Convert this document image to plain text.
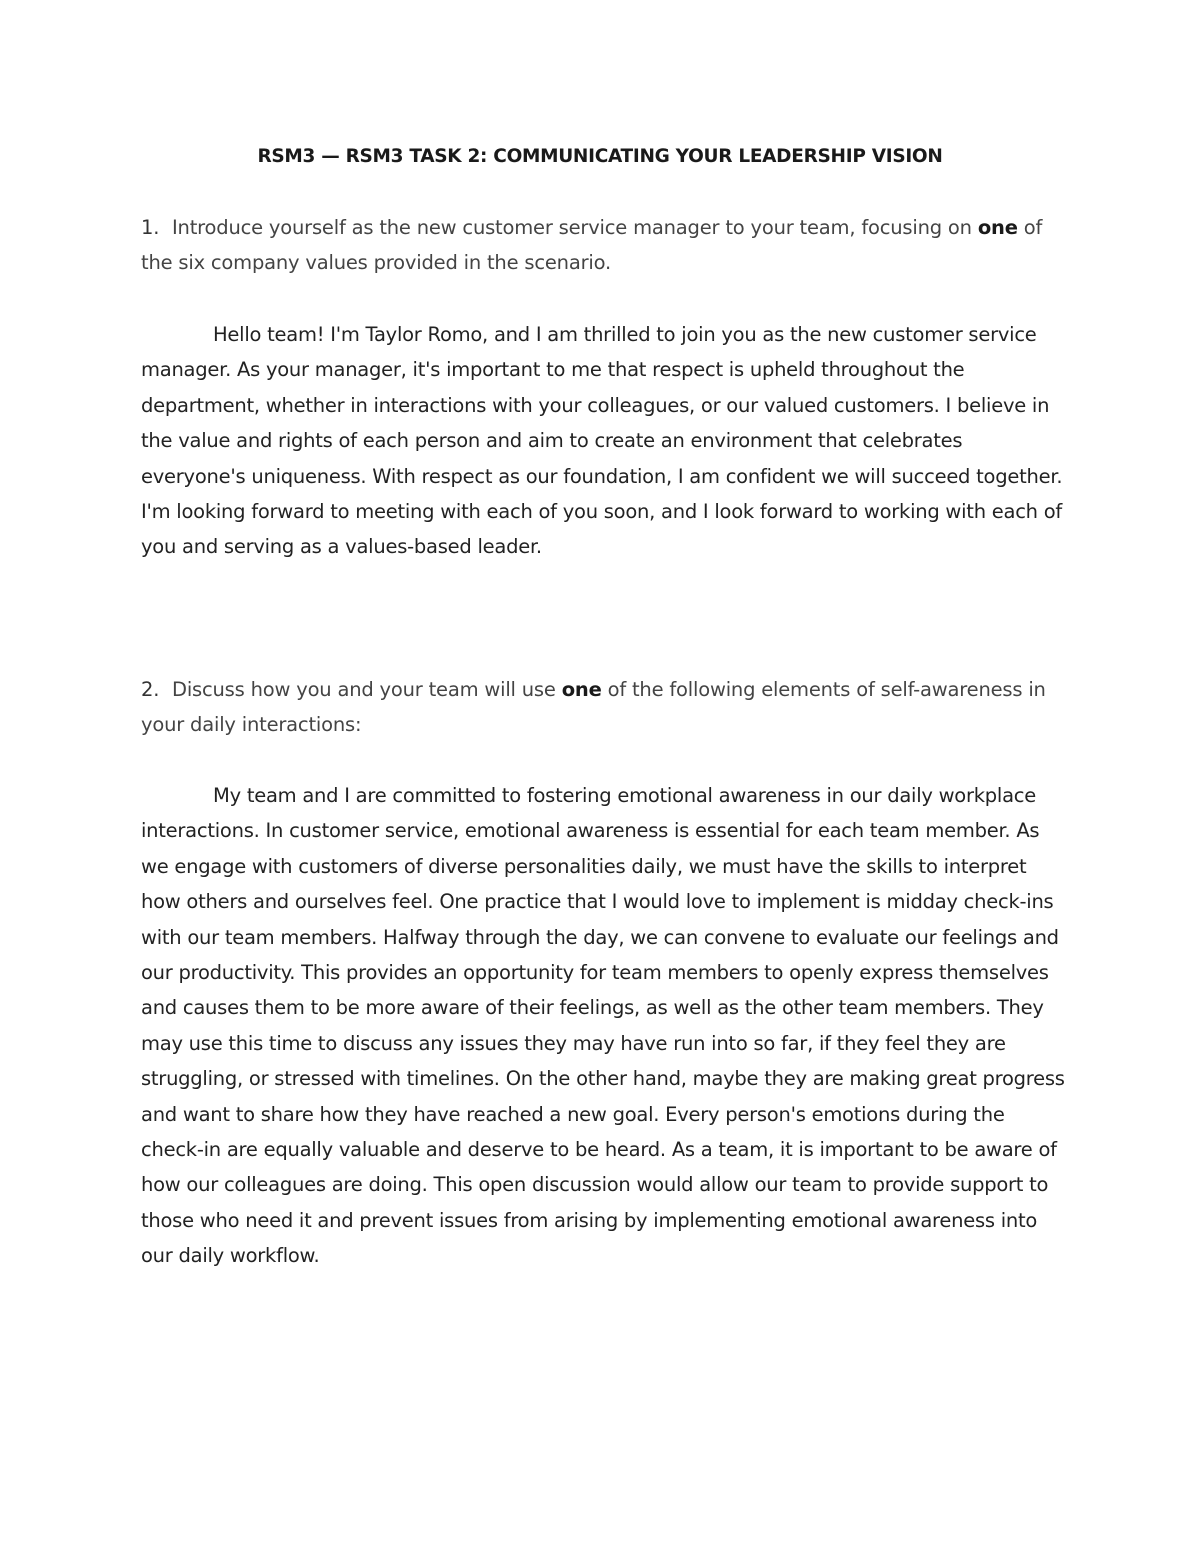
RSM3 — RSM3 TASK 2: COMMUNICATING YOUR LEADERSHIP VISION
1. Introduce yourself as the new customer service manager to your team, focusing on one of the six company values provided in the scenario.
Hello team! I'm Taylor Romo, and I am thrilled to join you as the new customer service manager. As your manager, it's important to me that respect is upheld throughout the department, whether in interactions with your colleagues, or our valued customers. I believe in the value and rights of each person and aim to create an environment that celebrates everyone's uniqueness. With respect as our foundation, I am confident we will succeed together. I'm looking forward to meeting with each of you soon, and I look forward to working with each of you and serving as a values-based leader.
2. Discuss how you and your team will use one of the following elements of self-awareness in your daily interactions:
My team and I are committed to fostering emotional awareness in our daily workplace interactions. In customer service, emotional awareness is essential for each team member. As we engage with customers of diverse personalities daily, we must have the skills to interpret how others and ourselves feel. One practice that I would love to implement is midday check-ins with our team members. Halfway through the day, we can convene to evaluate our feelings and our productivity. This provides an opportunity for team members to openly express themselves and causes them to be more aware of their feelings, as well as the other team members. They may use this time to discuss any issues they may have run into so far, if they feel they are struggling, or stressed with timelines. On the other hand, maybe they are making great progress and want to share how they have reached a new goal. Every person's emotions during the check-in are equally valuable and deserve to be heard. As a team, it is important to be aware of how our colleagues are doing. This open discussion would allow our team to provide support to those who need it and prevent issues from arising by implementing emotional awareness into our daily workflow.
